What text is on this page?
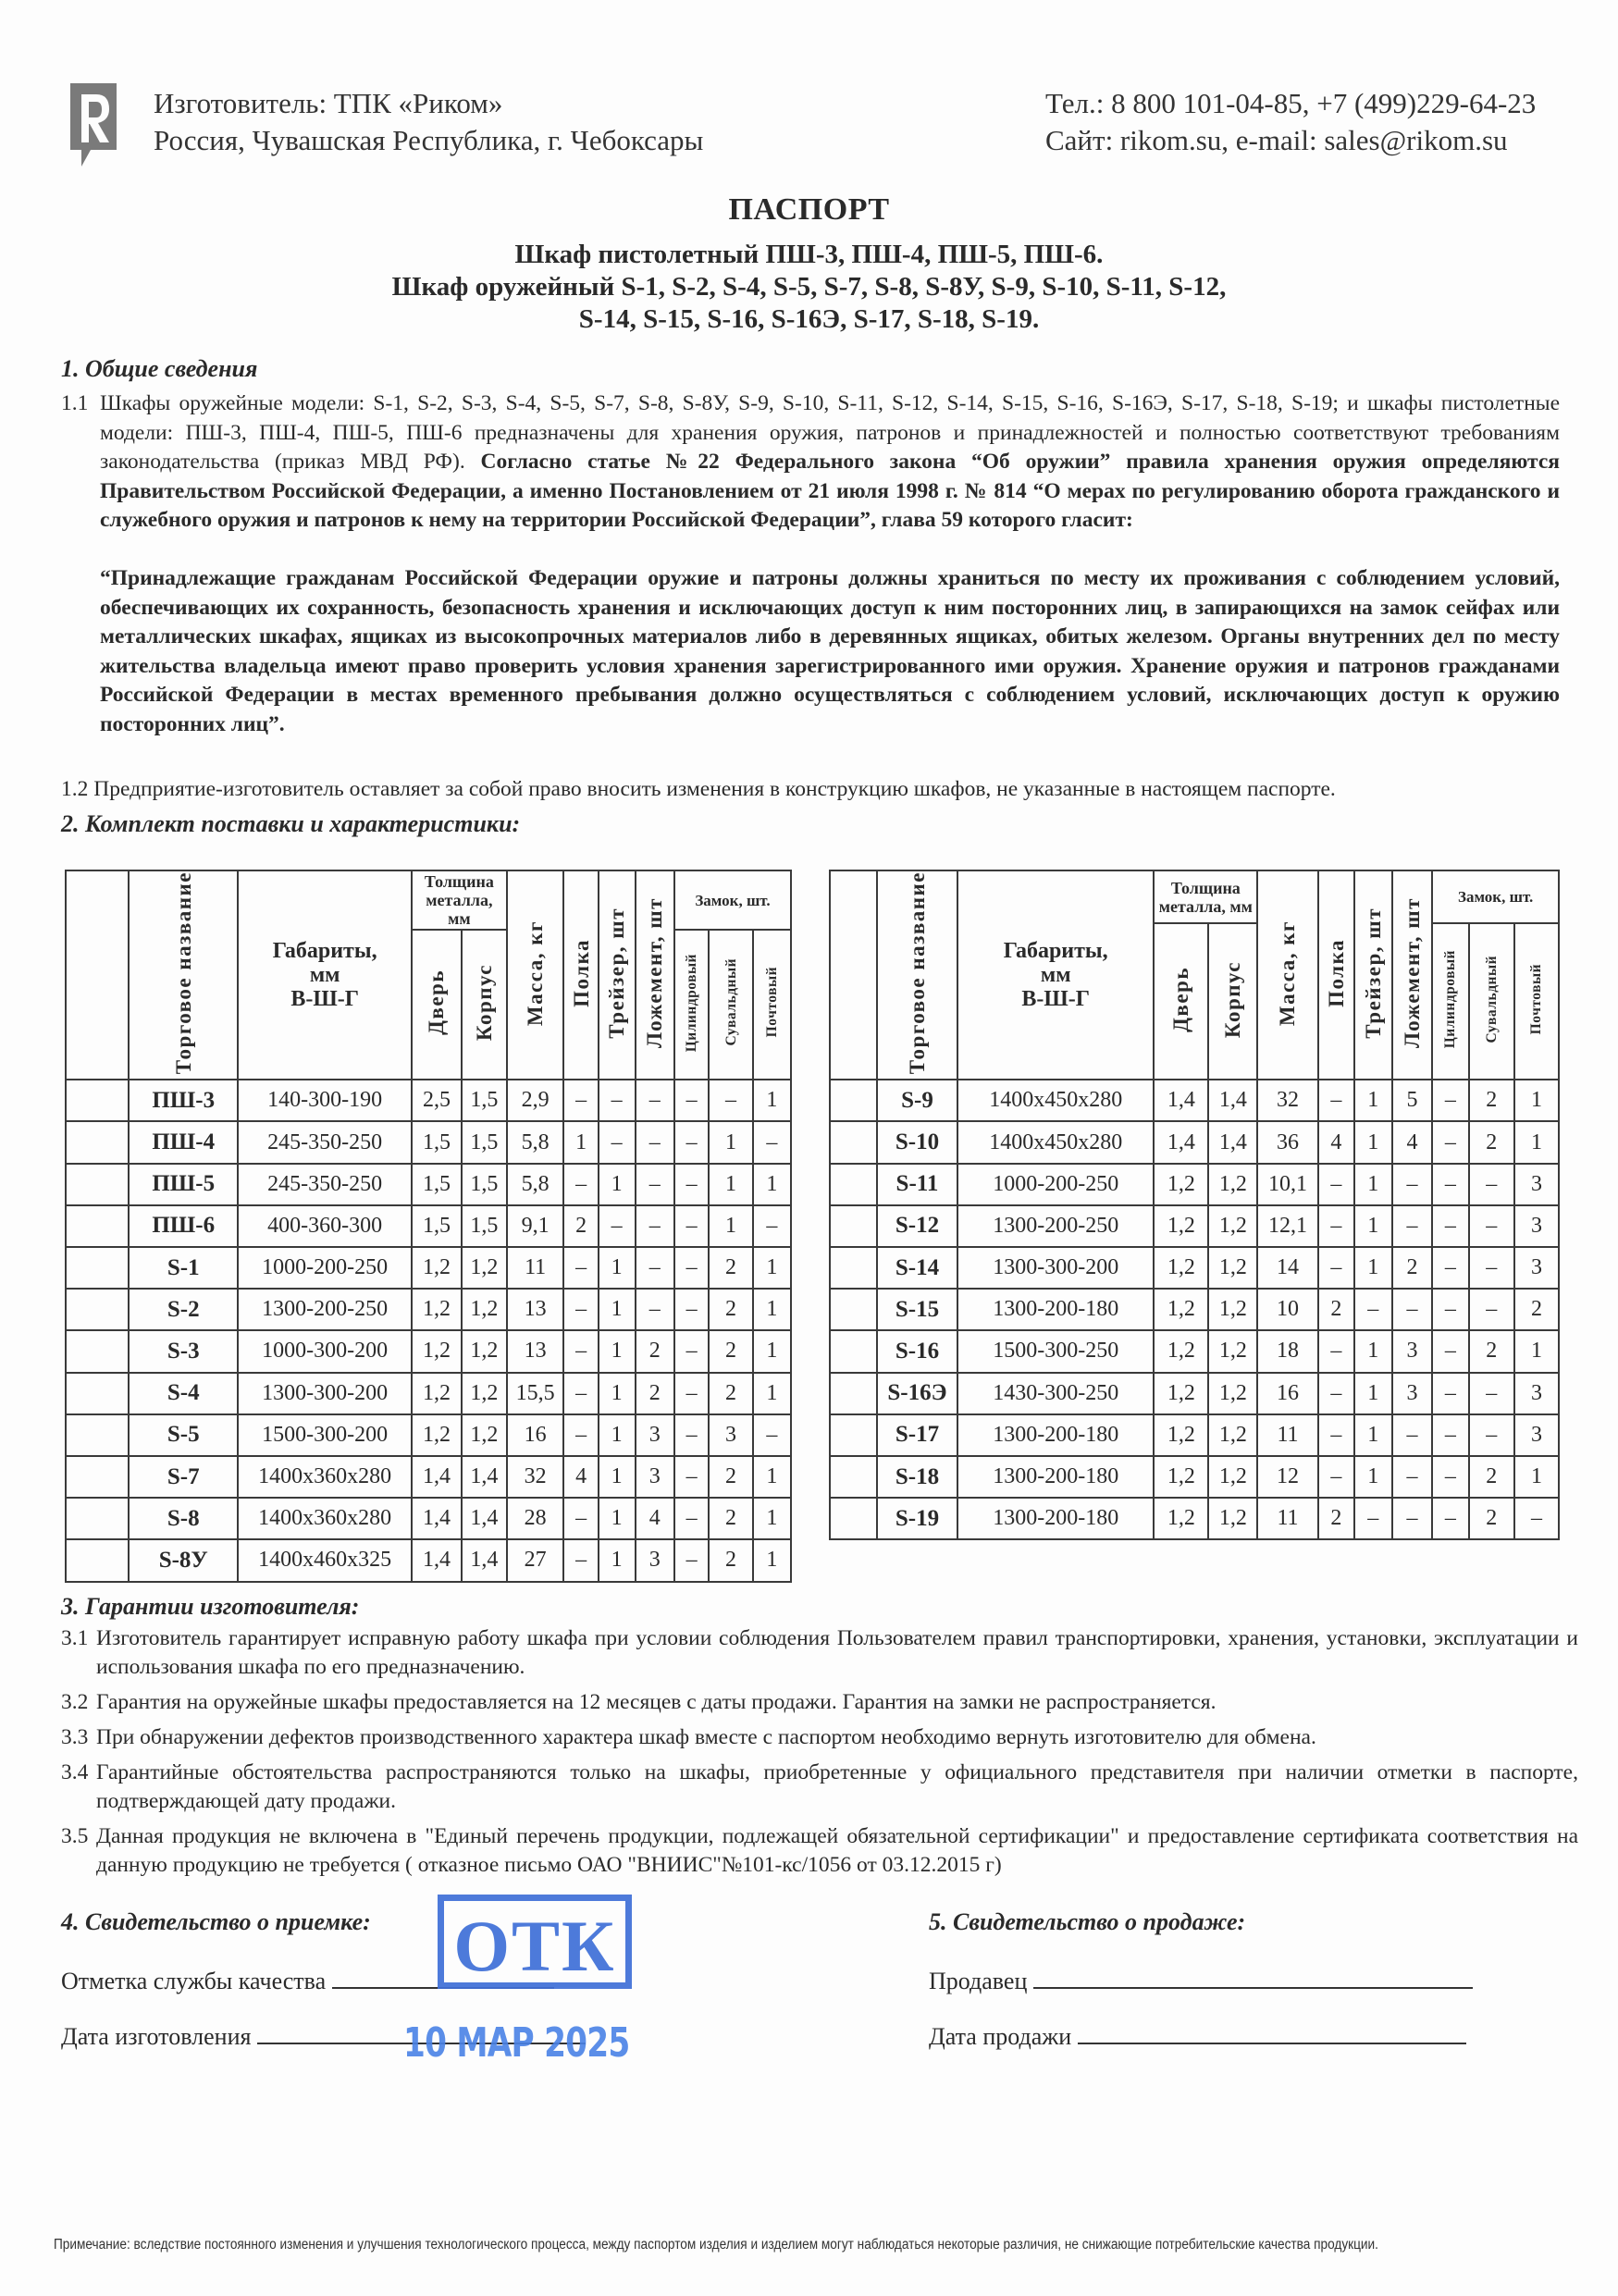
Изготовитель: ТПК «Риком»
Россия, Чувашская Республика, г. Чебоксары
Тел.: 8 800 101-04-85, +7 (499)229-64-23
Сайт: rikom.su, e-mail: sales@rikom.su
ПАСПОРТ
Шкаф пистолетный ПШ-3, ПШ-4, ПШ-5, ПШ-6.
Шкаф оружейный S-1, S-2, S-4, S-5, S-7, S-8, S-8У, S-9, S-10, S-11, S-12,
S-14, S-15, S-16, S-16Э, S-17, S-18, S-19.
1. Общие сведения
1.1 Шкафы оружейные модели: S-1, S-2, S-3, S-4, S-5, S-7, S-8, S-8У, S-9, S-10, S-11, S-12, S-14, S-15, S-16, S-16Э, S-17, S-18, S-19; и шкафы пистолетные модели: ПШ-3, ПШ-4, ПШ-5, ПШ-6 предназначены для хранения оружия, патронов и принадлежностей и полностью соответствуют требованиям законодательства (приказ МВД РФ). Согласно статье №22 Федерального закона “Об оружии” правила хранения оружия определяются Правительством Российской Федерации, а именно Постановлением от 21 июля 1998 г. № 814 “О мерах по регулированию оборота гражданского и служебного оружия и патронов к нему на территории Российской Федерации”, глава 59 которого гласит:
“Принадлежащие гражданам Российской Федерации оружие и патроны должны храниться по месту их проживания с соблюдением условий, обеспечивающих их сохранность, безопасность хранения и исключающих доступ к ним посторонних лиц, в запирающихся на замок сейфах или металлических шкафах, ящиках из высокопрочных материалов либо в деревянных ящиках, обитых железом. Органы внутренних дел по месту жительства владельца имеют право проверить условия хранения зарегистрированного ими оружия. Хранение оружия и патронов гражданами Российской Федерации в местах временного пребывания должно осуществляться с соблюдением условий, исключающих доступ к оружию посторонних лиц”.
1.2 Предприятие-изготовитель оставляет за собой право вносить изменения в конструкцию шкафов, не указанные в настоящем паспорте.
2. Комплект поставки и характеристики:
	Торговое название	Габариты,
мм
В-Ш-Г	Толщина металла, мм		Масса, кг	Полка	Трейзер, шт	Ложемент, шт	Замок, шт.		
			Дверь	Корпус					Цилиндровый	Сувальдный	Почтовый
	ПШ-3	140-300-190	2,5	1,5	2,9	–	–	–	–	–	1
	ПШ-4	245-350-250	1,5	1,5	5,8	1	–	–	–	1	–
	ПШ-5	245-350-250	1,5	1,5	5,8	–	1	–	–	1	1
	ПШ-6	400-360-300	1,5	1,5	9,1	2	–	–	–	1	–
	S-1	1000-200-250	1,2	1,2	11	–	1	–	–	2	1
	S-2	1300-200-250	1,2	1,2	13	–	1	–	–	2	1
	S-3	1000-300-200	1,2	1,2	13	–	1	2	–	2	1
	S-4	1300-300-200	1,2	1,2	15,5	–	1	2	–	2	1
	S-5	1500-300-200	1,2	1,2	16	–	1	3	–	3	–
	S-7	1400x360x280	1,4	1,4	32	4	1	3	–	2	1
	S-8	1400x360x280	1,4	1,4	28	–	1	4	–	2	1
	S-8У	1400x460x325	1,4	1,4	27	–	1	3	–	2	1
	Торговое название	Габариты,
мм
В-Ш-Г	Толщина металла, мм		Масса, кг	Полка	Трейзер, шт	Ложемент, шт	Замок, шт.		
			Дверь	Корпус					Цилиндровый	Сувальдный	Почтовый
	S-9	1400x450x280	1,4	1,4	32	–	1	5	–	2	1
	S-10	1400x450x280	1,4	1,4	36	4	1	4	–	2	1
	S-11	1000-200-250	1,2	1,2	10,1	–	1	–	–	–	3
	S-12	1300-200-250	1,2	1,2	12,1	–	1	–	–	–	3
	S-14	1300-300-200	1,2	1,2	14	–	1	2	–	–	3
	S-15	1300-200-180	1,2	1,2	10	2	–	–	–	–	2
	S-16	1500-300-250	1,2	1,2	18	–	1	3	–	2	1
	S-16Э	1430-300-250	1,2	1,2	16	–	1	3	–	–	3
	S-17	1300-200-180	1,2	1,2	11	–	1	–	–	–	3
	S-18	1300-200-180	1,2	1,2	12	–	1	–	–	2	1
	S-19	1300-200-180	1,2	1,2	11	2	–	–	–	2	–
3. Гарантии изготовителя:
3.1 Изготовитель гарантирует исправную работу шкафа при условии соблюдения Пользователем правил транспортировки, хранения, установки, эксплуатации и использования шкафа по его предназначению.
3.2 Гарантия на оружейные шкафы предоставляется на 12 месяцев с даты продажи. Гарантия на замки не распространяется.
3.3 При обнаружении дефектов производственного характера шкаф вместе с паспортом необходимо вернуть изготовителю для обмена.
3.4 Гарантийные обстоятельства распространяются только на шкафы, приобретенные у официального представителя при наличии отметки в паспорте, подтверждающей дату продажи.
3.5 Данная продукция не включена в "Единый перечень продукции, подлежащей обязательной сертификации" и предоставление сертификата соответствия на данную продукцию не требуется ( отказное письмо ОАО "ВНИИС"№101-кс/1056 от 03.12.2015 г)
4. Свидетельство о приемке:
Отметка службы качества
Дата изготовления
ОТК
10 МАР 2025
5. Свидетельство о продаже:
Продавец
Дата продажи
Примечание: вследствие постоянного изменения и улучшения технологического процесса, между паспортом изделия и изделием могут наблюдаться некоторые различия, не снижающие потребительские качества продукции.
